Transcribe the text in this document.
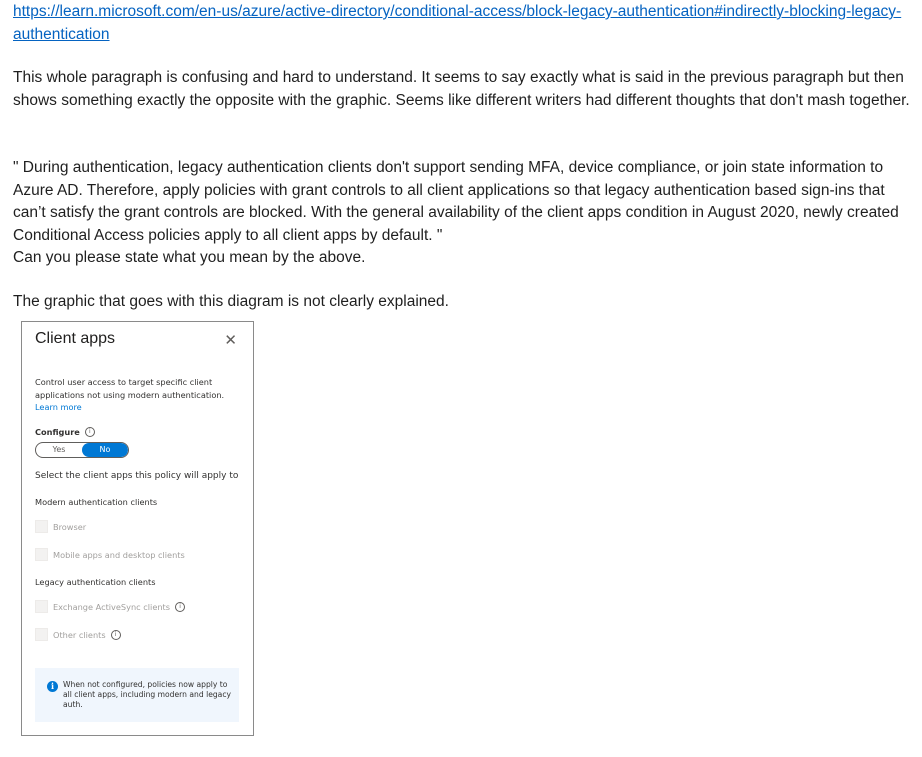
https://learn.microsoft.com/en-us/azure/active-directory/conditional-access/block-legacy-authentication#indirectly-blocking-legacy-authentication

This whole paragraph is confusing and hard to understand. It seems to say exactly what is said in the previous paragraph but then shows something exactly the opposite with the graphic. Seems like different writers had different thoughts that don't mash together.

" During authentication, legacy authentication clients don't support sending MFA, device compliance, or join state information to Azure AD. Therefore, apply policies with grant controls to all client applications so that legacy authentication based sign-ins that can’t satisfy the grant controls are blocked. With the general availability of the client apps condition in August 2020, newly created Conditional Access policies apply to all client apps by default. "

Can you please state what you mean by the above.

The graphic that goes with this diagram is not clearly explained.

Client apps	✕
Control user access to target specific client applications not using modern authentication.
Learn more
Configure	i
Yes	No
Select the client apps this policy will apply to
Modern authentication clients
Browser
Mobile apps and desktop clients
Legacy authentication clients
Exchange ActiveSync clients	i
Other clients	i
i	When not configured, policies now apply to all client apps, including modern and legacy auth.
